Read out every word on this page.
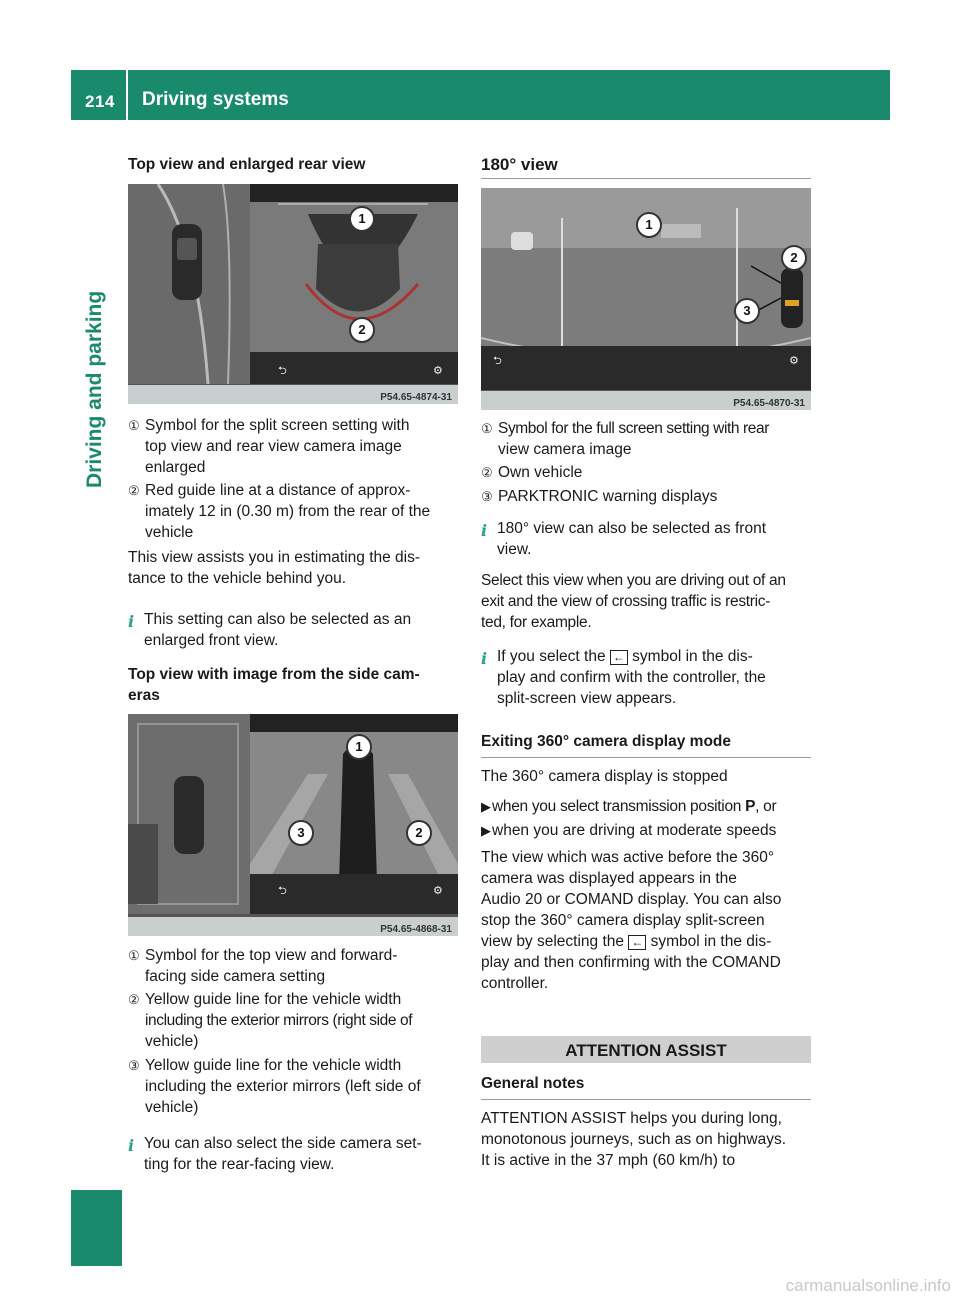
214 Driving systems
Driving and parking
Top view and enlarged rear view
⮌	⚙
1
2
P54.65-4874-31
① Symbol for the split screen setting with
top view and rear view camera image
enlarged
② Red guide line at a distance of approx-
imately 12 in (0.30 m) from the rear of the
vehicle
This view assists you in estimating the dis-
tance to the vehicle behind you.
i This setting can also be selected as an
enlarged front view.
Top view with image from the side cam-
eras
⮌	⚙
1
2
3
P54.65-4868-31
① Symbol for the top view and forward-
facing side camera setting
② Yellow guide line for the vehicle width
including the exterior mirrors (right side of
vehicle)
③ Yellow guide line for the vehicle width
including the exterior mirrors (left side of
vehicle)
i You can also select the side camera set-
ting for the rear-facing view.
180° view
⮌	⚙
1
2
3
P54.65-4870-31
① Symbol for the full screen setting with rear
view camera image
② Own vehicle
③ PARKTRONIC warning displays
i 180° view can also be selected as front
view.
Select this view when you are driving out of an
exit and the view of crossing traffic is restric-
ted, for example.
i If you select the ← symbol in the dis-
play and confirm with the controller, the
split-screen view appears.
Exiting 360° camera display mode
The 360° camera display is stopped
▶ when you select transmission position P, or
▶ when you are driving at moderate speeds
The view which was active before the 360°
camera was displayed appears in the
Audio 20 or COMAND display. You can also
stop the 360° camera display split-screen
view by selecting the ← symbol in the dis-
play and then confirming with the COMAND
controller.
ATTENTION ASSIST
General notes
ATTENTION ASSIST helps you during long,
monotonous journeys, such as on highways.
It is active in the 37 mph (60 km/h) to
carmanualsonline.info
